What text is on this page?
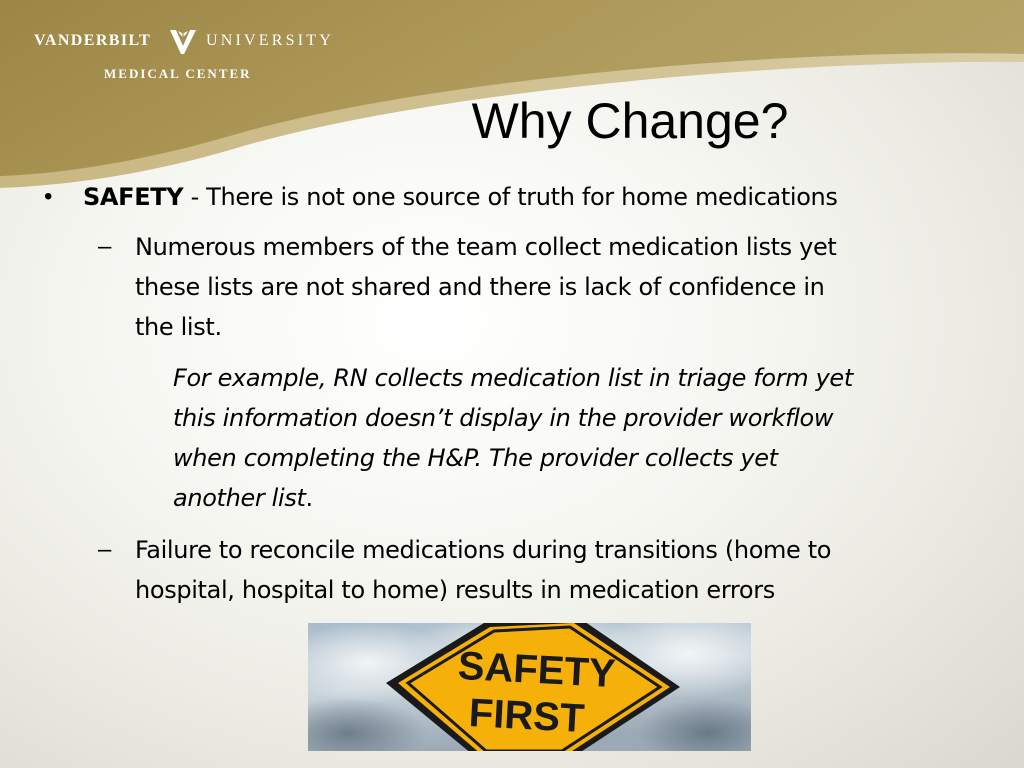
VANDERBILT	UNIVERSITY
MEDICAL CENTER
Why Change?
• SAFETY - There is not one source of truth for home medications
– Numerous members of the team collect medication lists yet
these lists are not shared and there is lack of confidence in
the list.
For example, RN collects medication list in triage form yet
this information doesn’t display in the provider workflow
when completing the H&P. The provider collects yet
another list.
– Failure to reconcile medications during transitions (home to
hospital, hospital to home) results in medication errors
SAFETY
FIRST
